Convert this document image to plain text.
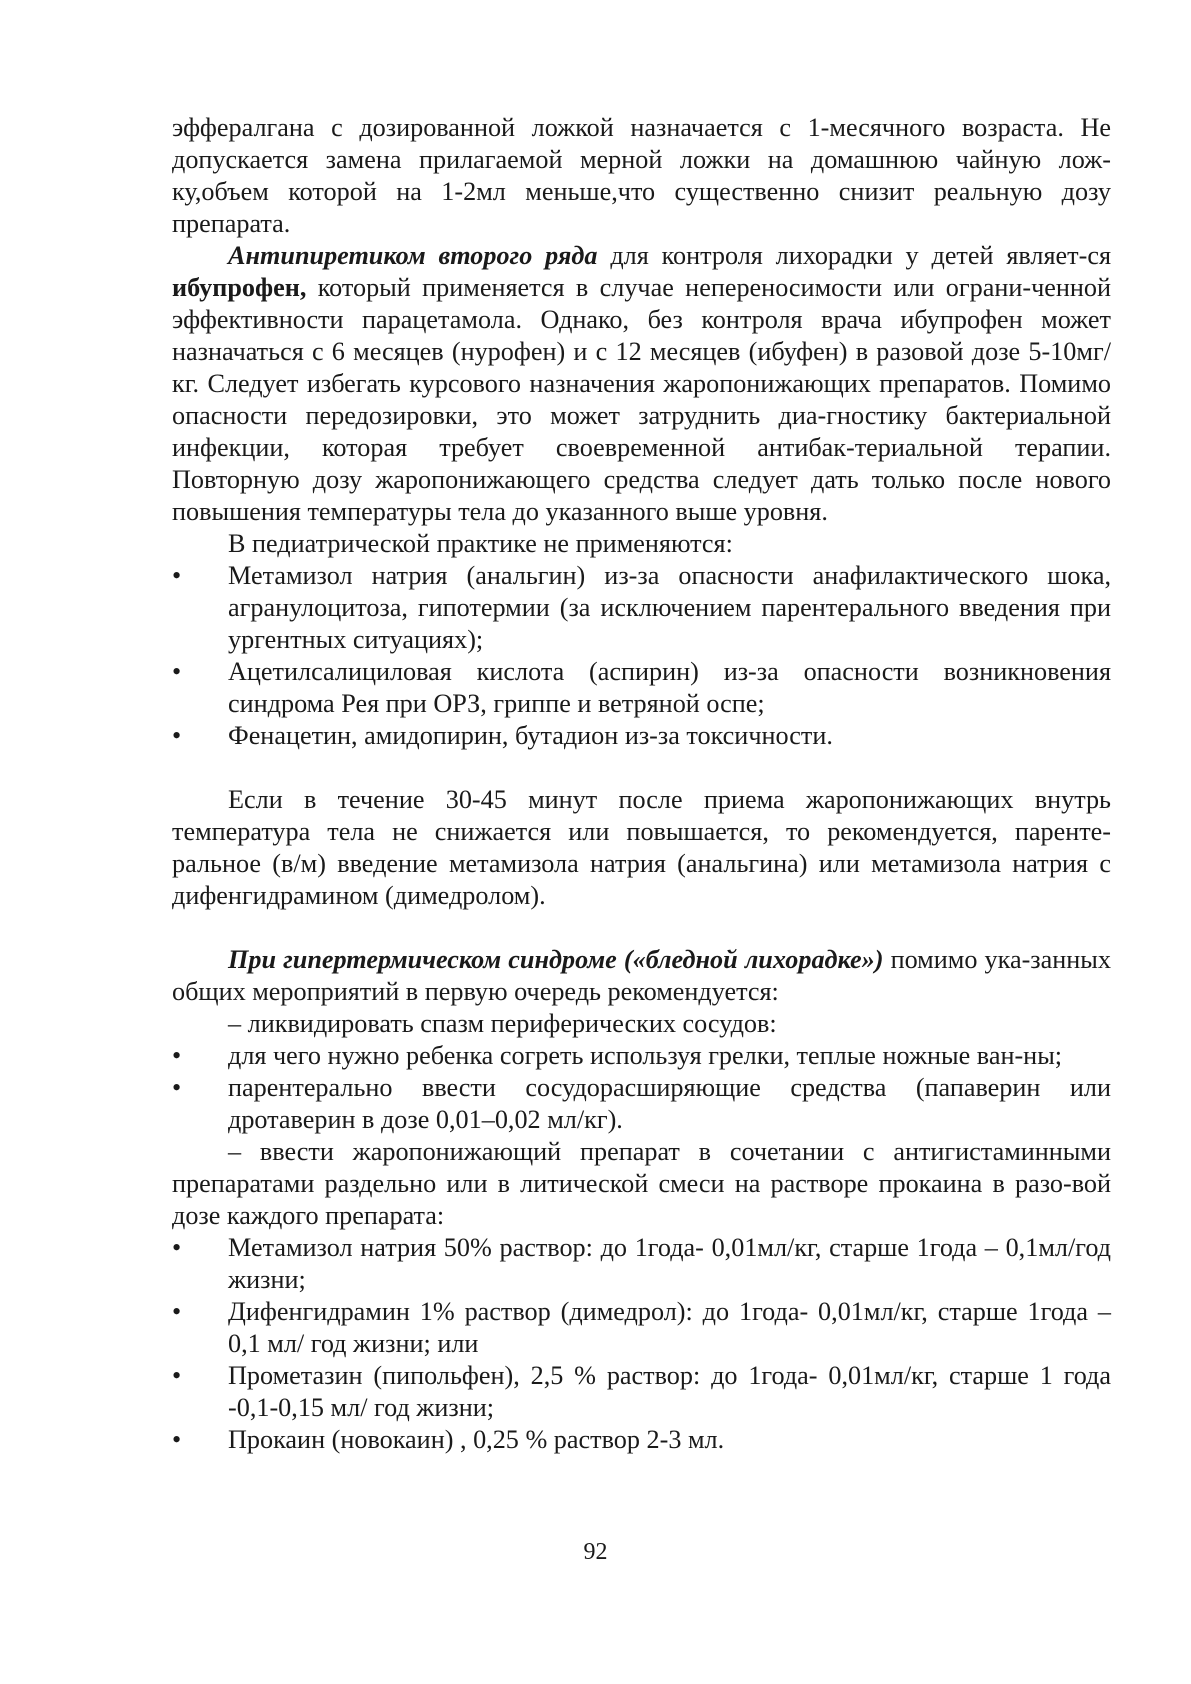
эффералгана с дозированной ложкой назначается с 1-месячного возраста. Не допускается замена прилагаемой мерной ложки на домашнюю чайную лож-ку,объем которой на 1-2мл меньше,что существенно снизит реальную дозу препарата.

Антипиретиком второго ряда для контроля лихорадки у детей являет-ся ибупрофен, который применяется в случае непереносимости или ограни-ченной эффективности парацетамола. Однако, без контроля врача ибупрофен может назначаться с 6 месяцев (нурофен) и с 12 месяцев (ибуфен) в разовой дозе 5-10мг/кг. Следует избегать курсового назначения жаропонижающих препаратов. Помимо опасности передозировки, это может затруднить диа-гностику бактериальной инфекции, которая требует своевременной антибак-териальной терапии. Повторную дозу жаропонижающего средства следует дать только после нового повышения температуры тела до указанного выше уровня.

В педиатрической практике не применяются:

• Метамизол натрия (анальгин) из-за опасности анафилактического шока, агранулоцитоза, гипотермии (за исключением парентерального введения при ургентных ситуациях);
• Ацетилсалициловая кислота (аспирин) из-за опасности возникновения синдрома Рея при ОРЗ, гриппе и ветряной оспе;
• Фенацетин, амидопирин, бутадион из-за токсичности.

Если в течение 30-45 минут после приема жаропонижающих внутрь температура тела не снижается или повышается, то рекомендуется, паренте-ральное (в/м) введение метамизола натрия (анальгина) или метамизола натрия с дифенгидрамином (димедролом).

При гипертермическом синдроме («бледной лихорадке») помимо ука-занных общих мероприятий в первую очередь рекомендуется:

– ликвидировать спазм периферических сосудов:

• для чего нужно ребенка согреть используя грелки, теплые ножные ван-ны;
• парентерально ввести сосудорасширяющие средства (папаверин или дротаверин в дозе 0,01–0,02 мл/кг).

– ввести жаропонижающий препарат в сочетании с антигистаминными препаратами раздельно или в литической смеси на растворе прокаина в разо-вой дозе каждого препарата:

• Метамизол натрия 50% раствор: до 1года- 0,01мл/кг, старше 1года – 0,1мл/год жизни;
• Дифенгидрамин 1% раствор (димедрол): до 1года- 0,01мл/кг, старше 1года –0,1 мл/ год жизни; или
• Прометазин (пипольфен), 2,5 % раствор: до 1года- 0,01мл/кг, старше 1 года -0,1-0,15 мл/ год жизни;
• Прокаин (новокаин) , 0,25 % раствор 2-3 мл.
92
